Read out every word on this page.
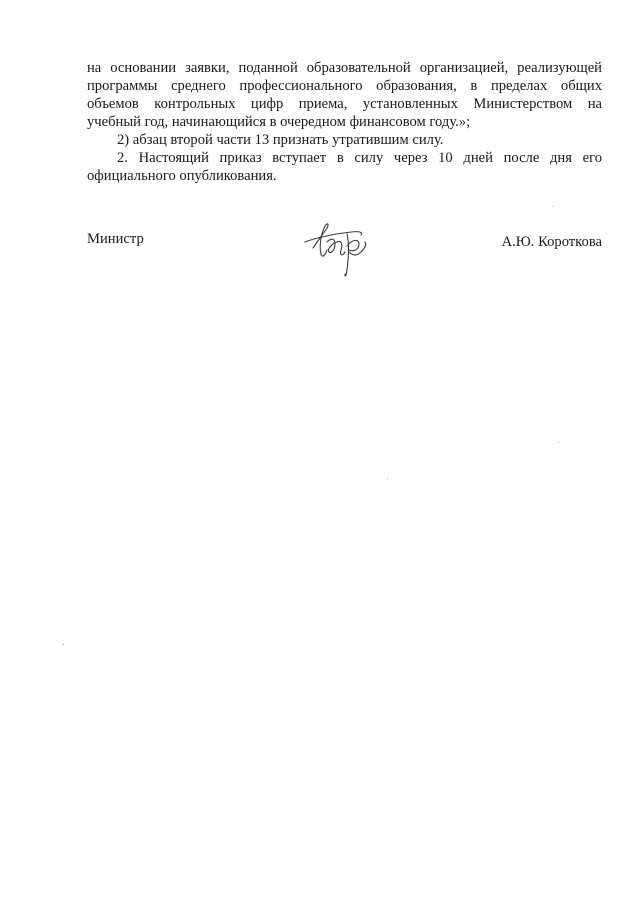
на основании заявки, поданной образовательной организацией, реализующей
программы среднего профессионального образования, в пределах общих
объемов контрольных цифр приема, установленных Министерством на
учебный год, начинающийся в очередном финансовом году.»;
2) абзац второй части 13 признать утратившим силу.
2. Настоящий приказ вступает в силу через 10 дней после дня его
официального опубликования.
Министр	А.Ю. Короткова
